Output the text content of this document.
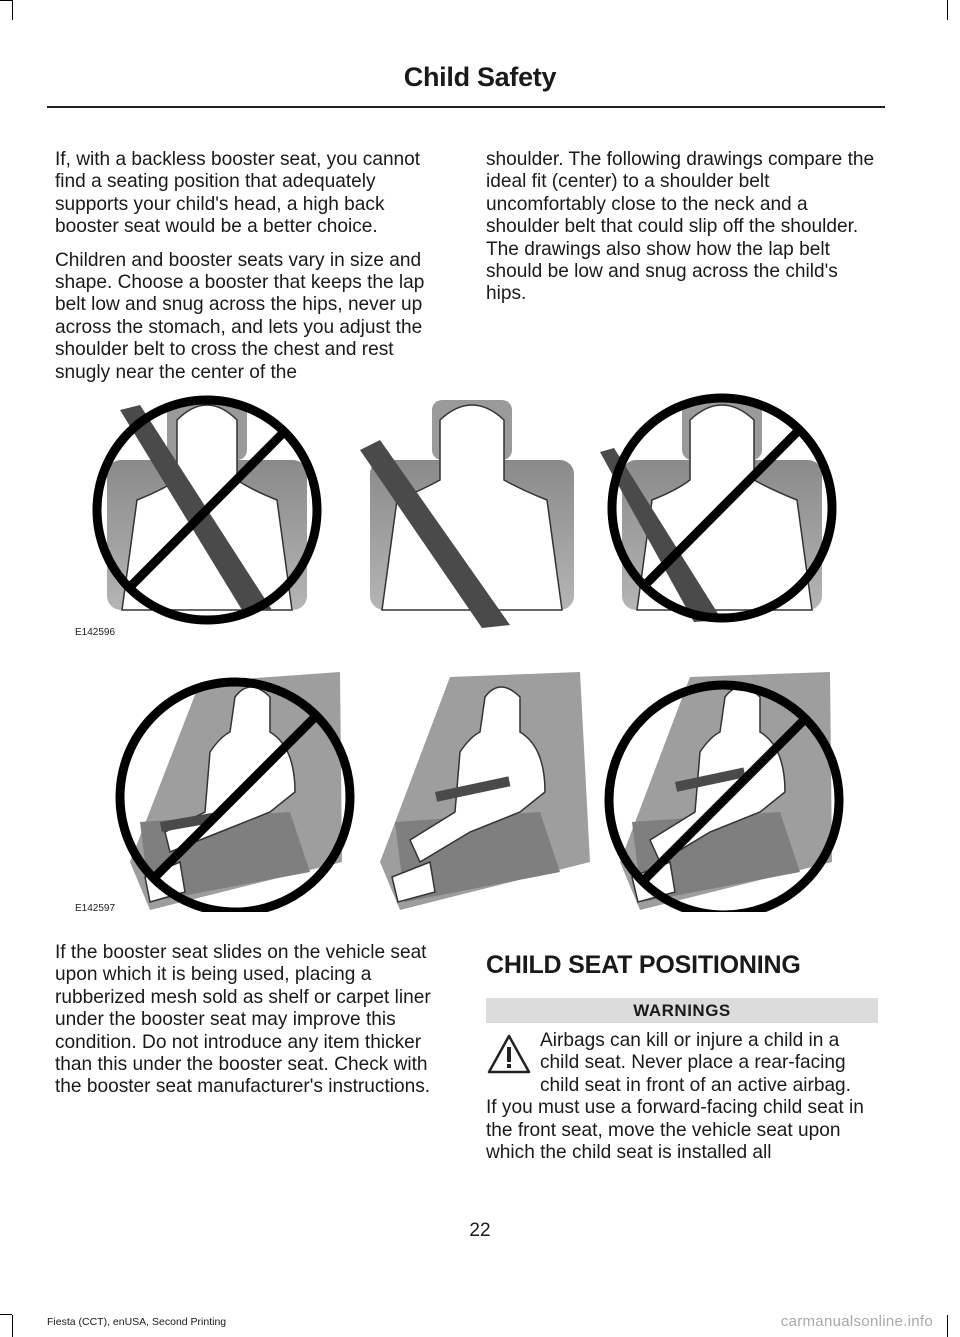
Child Safety

If, with a backless booster seat, you cannot find a seating position that adequately supports your child's head, a high back booster seat would be a better choice.

Children and booster seats vary in size and shape. Choose a booster that keeps the lap belt low and snug across the hips, never up across the stomach, and lets you adjust the shoulder belt to cross the chest and rest snugly near the center of the

shoulder. The following drawings compare the ideal fit (center) to a shoulder belt uncomfortably close to the neck and a shoulder belt that could slip off the shoulder. The drawings also show how the lap belt should be low and snug across the child's hips.

E142596
E142597

If the booster seat slides on the vehicle seat upon which it is being used, placing a rubberized mesh sold as shelf or carpet liner under the booster seat may improve this condition. Do not introduce any item thicker than this under the booster seat. Check with the booster seat manufacturer's instructions.

CHILD SEAT POSITIONING
WARNINGS
Airbags can kill or injure a child in a child seat. Never place a rear-facing child seat in front of an active airbag.
If you must use a forward-facing child seat in the front seat, move the vehicle seat upon which the child seat is installed all
22
Fiesta (CCT), enUSA, Second Printing	carmanualsonline.info
